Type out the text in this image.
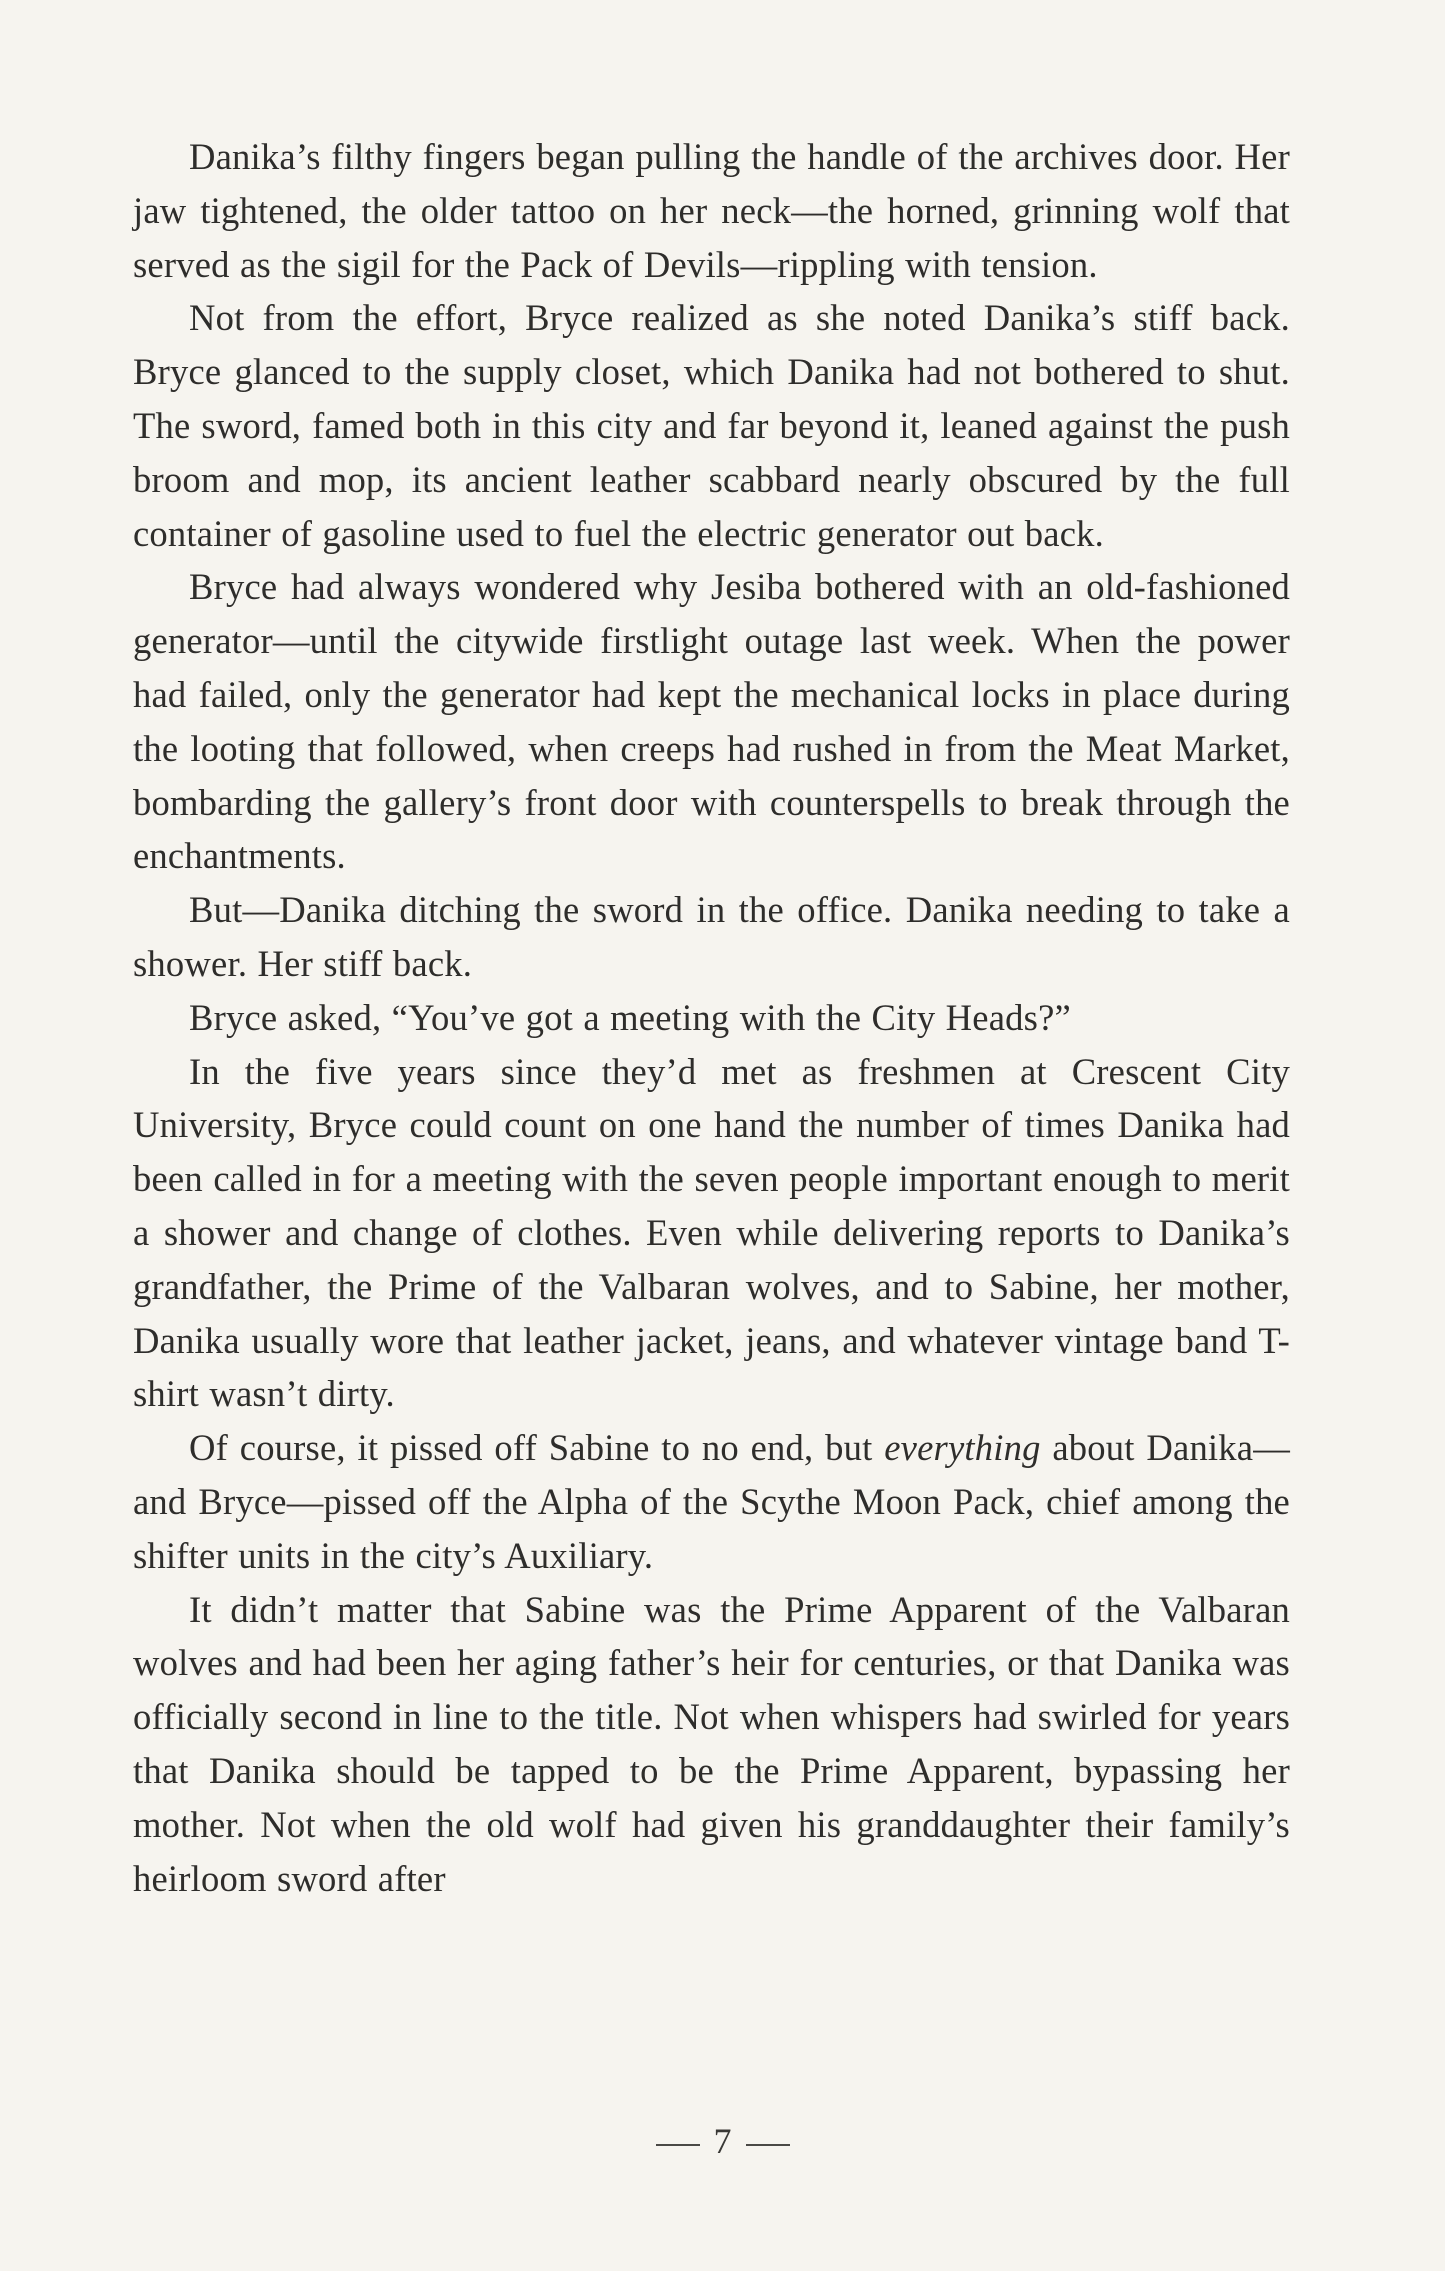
Danika’s filthy fingers began pulling the handle of the archives door. Her jaw tightened, the older tattoo on her neck—the horned, grinning wolf that served as the sigil for the Pack of Devils—rippling with tension.

Not from the effort, Bryce realized as she noted Danika’s stiff back. Bryce glanced to the supply closet, which Danika had not bothered to shut. The sword, famed both in this city and far beyond it, leaned against the push broom and mop, its ancient leather scabbard nearly obscured by the full container of gasoline used to fuel the electric generator out back.

Bryce had always wondered why Jesiba bothered with an old-fashioned generator—until the citywide firstlight outage last week. When the power had failed, only the generator had kept the mechanical locks in place during the looting that followed, when creeps had rushed in from the Meat Market, bombarding the gallery’s front door with counterspells to break through the enchantments.

But—Danika ditching the sword in the office. Danika needing to take a shower. Her stiff back.

Bryce asked, “You’ve got a meeting with the City Heads?”

In the five years since they’d met as freshmen at Crescent City University, Bryce could count on one hand the number of times Danika had been called in for a meeting with the seven people important enough to merit a shower and change of clothes. Even while delivering reports to Danika’s grandfather, the Prime of the Valbaran wolves, and to Sabine, her mother, Danika usually wore that leather jacket, jeans, and whatever vintage band T-shirt wasn’t dirty.

Of course, it pissed off Sabine to no end, but everything about Danika—and Bryce—pissed off the Alpha of the Scythe Moon Pack, chief among the shifter units in the city’s Auxiliary.

It didn’t matter that Sabine was the Prime Apparent of the Valbaran wolves and had been her aging father’s heir for centuries, or that Danika was officially second in line to the title. Not when whispers had swirled for years that Danika should be tapped to be the Prime Apparent, bypassing her mother. Not when the old wolf had given his granddaughter their family’s heirloom sword after

7
